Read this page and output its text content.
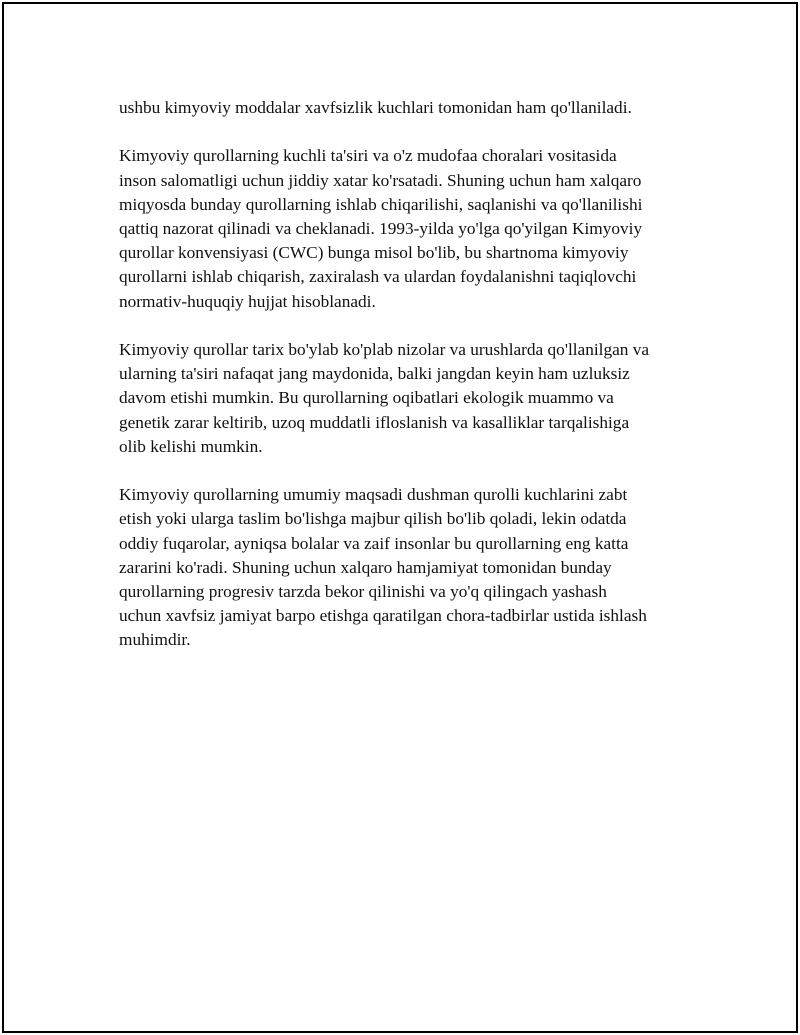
ushbu kimyoviy moddalar xavfsizlik kuchlari tomonidan ham qo'llaniladi.

Kimyoviy qurollarning kuchli ta'siri va o'z mudofaa choralari vositasida
inson salomatligi uchun jiddiy xatar ko'rsatadi. Shuning uchun ham xalqaro
miqyosda bunday qurollarning ishlab chiqarilishi, saqlanishi va qo'llanilishi
qattiq nazorat qilinadi va cheklanadi. 1993-yilda yo'lga qo'yilgan Kimyoviy
qurollar konvensiyasi (CWC) bunga misol bo'lib, bu shartnoma kimyoviy
qurollarni ishlab chiqarish, zaxiralash va ulardan foydalanishni taqiqlovchi
normativ-huquqiy hujjat hisoblanadi.

Kimyoviy qurollar tarix bo'ylab ko'plab nizolar va urushlarda qo'llanilgan va
ularning ta'siri nafaqat jang maydonida, balki jangdan keyin ham uzluksiz
davom etishi mumkin. Bu qurollarning oqibatlari ekologik muammo va
genetik zarar keltirib, uzoq muddatli ifloslanish va kasalliklar tarqalishiga
olib kelishi mumkin.

Kimyoviy qurollarning umumiy maqsadi dushman qurolli kuchlarini zabt
etish yoki ularga taslim bo'lishga majbur qilish bo'lib qoladi, lekin odatda
oddiy fuqarolar, ayniqsa bolalar va zaif insonlar bu qurollarning eng katta
zararini ko'radi. Shuning uchun xalqaro hamjamiyat tomonidan bunday
qurollarning progresiv tarzda bekor qilinishi va yo'q qilingach yashash
uchun xavfsiz jamiyat barpo etishga qaratilgan chora-tadbirlar ustida ishlash
muhimdir.
